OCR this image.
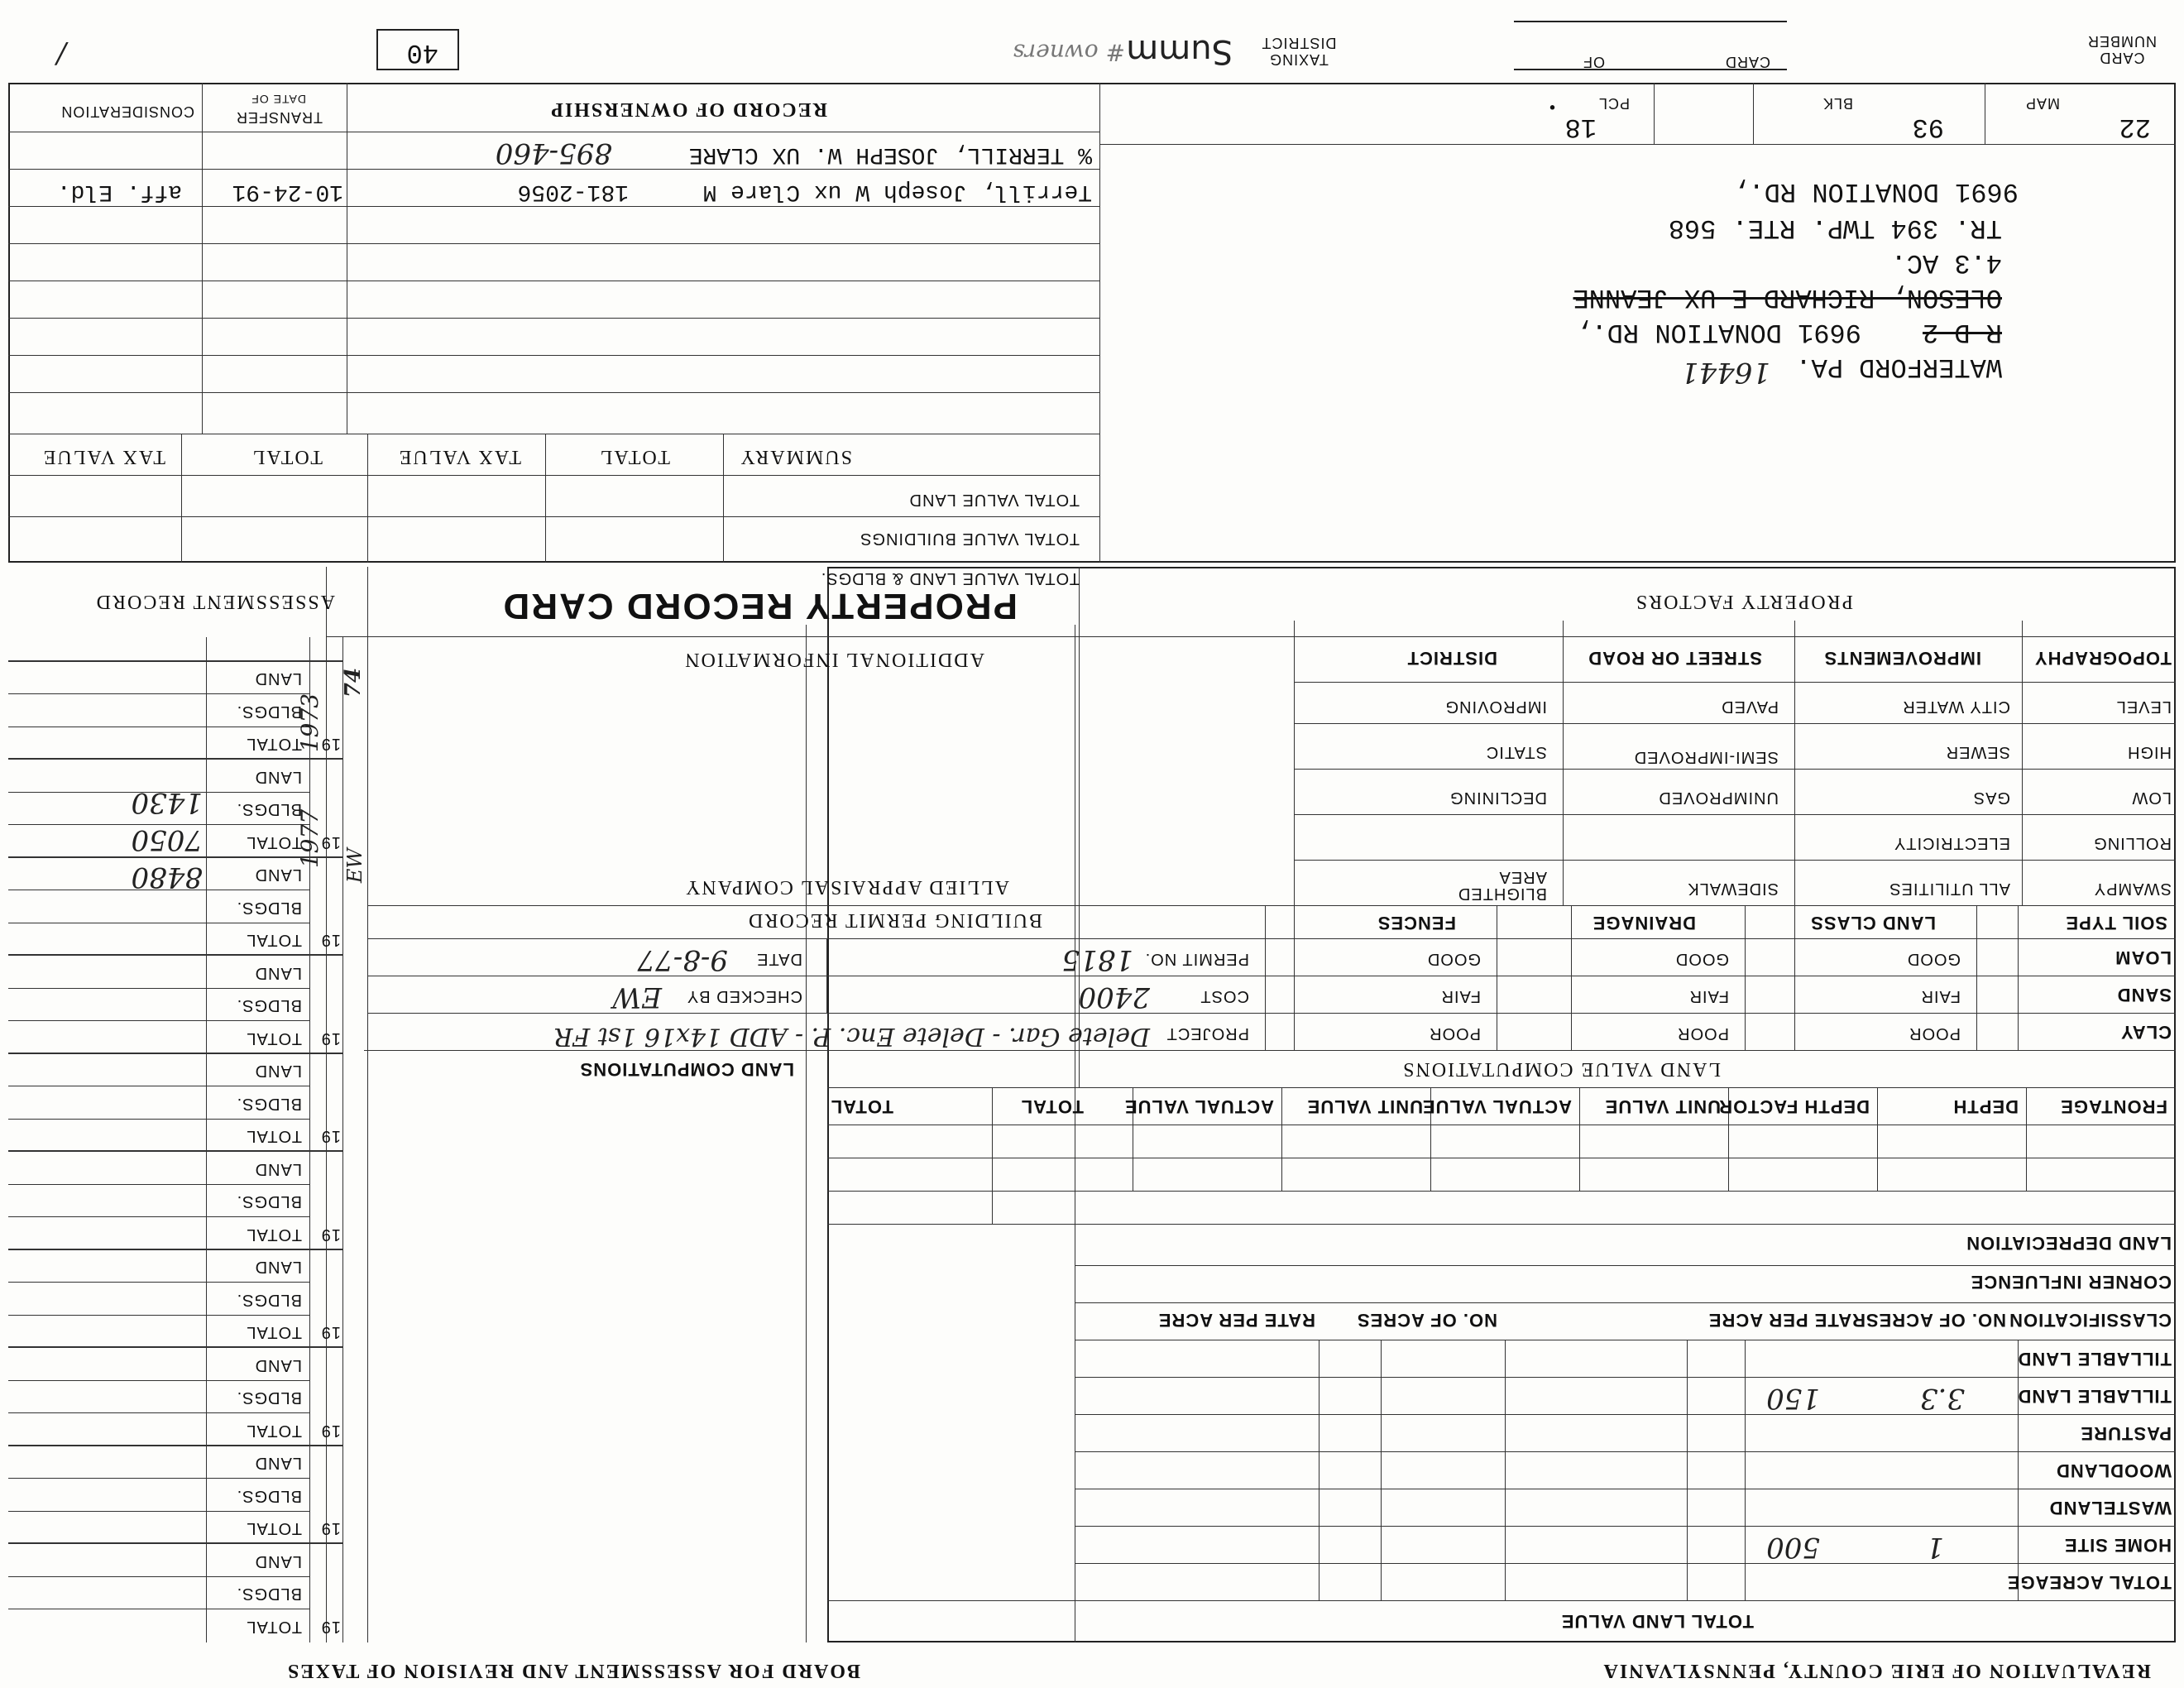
REVALUATION OF ERIE COUNTY, PENNSYLVANIA
BOARD FOR ASSESSMENT AND REVISION OF TAXES
TOTAL LAND VALUE
TOTAL ACREAGE
HOME SITE
WASTELAND
WOODLAND
PASTURE
TILLABLE LAND
TILLABLE LAND
CLASSIFICATION
NO. OF ACRES
RATE PER ACRE
NO. OF ACRES
RATE PER ACRE
3.3
150
1
500
CORNER INFLUENCE
LAND DEPRECIATION
FRONTAGE
DEPTH
DEPTH FACTOR
UNIT VALUE
ACTUAL VALUE
UNIT VALUE
ACTUAL VALUE
TOTAL
TOTAL
LAND VALUE COMPUTATIONS
CLAY
POOR
POOR
POOR
SAND
FAIR
FAIR
FAIR
LOAM
GOOD
GOOD
GOOD
SOIL TYPE
LAND CLASS
DRAINAGE
FENCES
SWAMPY
ALL UTILITIES
SIDEWALK
BLIGHTED AREA
ROLLING
ELECTRICITY
LOW
GAS
UNIMPROVED
DECLINING
HIGH
SEWER
SEMI-IMPROVED
STATIC
LEVEL
CITY WATER
PAVED
IMPROVING
TOPOGRAPHY
IMPROVEMENTS
STREET OR ROAD
DISTRICT
PROPERTY FACTORS
LAND COMPUTATIONS
PROJECT
Delete Gar. - Delete Enc. P. - ADD 14x16 1st FR
COST
2400
CHECKED BY
EW
PERMIT NO.
1815
DATE
9-8-77
BUILDING PERMIT RECORD
ALLIED APPRAISAL COMPANY
ADDITIONAL INFORMATION
PROPERTY RECORD CARD
TOTAL
BLDGS.
LAND
19
TOTAL
BLDGS.
LAND
19
TOTAL
BLDGS.
LAND
19
TOTAL
BLDGS.
LAND
19
TOTAL
BLDGS.
LAND
19
TOTAL
BLDGS.
LAND
19
TOTAL
BLDGS.
LAND
19
TOTAL
BLDGS.
LAND
19
TOTAL
BLDGS.
LAND
19
TOTAL
BLDGS.
LAND
19
ASSESSMENT RECORD
1430
7050
8480
1977
1973
74
EW
MAP
22
BLK
93
PCL
18
•
9691 DONATION RD.,
TR. 394 TWP. RTE. 568
4.3 AC.
OLESON, RICHARD E UX JEANNE
R D 2
9691 DONATION RD.,
WATERFORD PA.
16441
RECORD OF OWNERSHIP
TRANSFER
DATE OF
CONSIDERATION
% TERRILL, JOSEPH W. UX CLARE
895-460
Terrill, Joseph W ux Clare M
181-2056
10-24-91
aff. Eld.
SUMMARY
TOTAL
TAX VALUE
TOTAL
TAX VALUE
TOTAL VALUE LAND
TOTAL VALUE BUILDINGS
TOTAL VALUE LAND & BLDGS.
CARD NUMBER
CARD
OF
TAXING DISTRICT
Summ
# owners
40
/
